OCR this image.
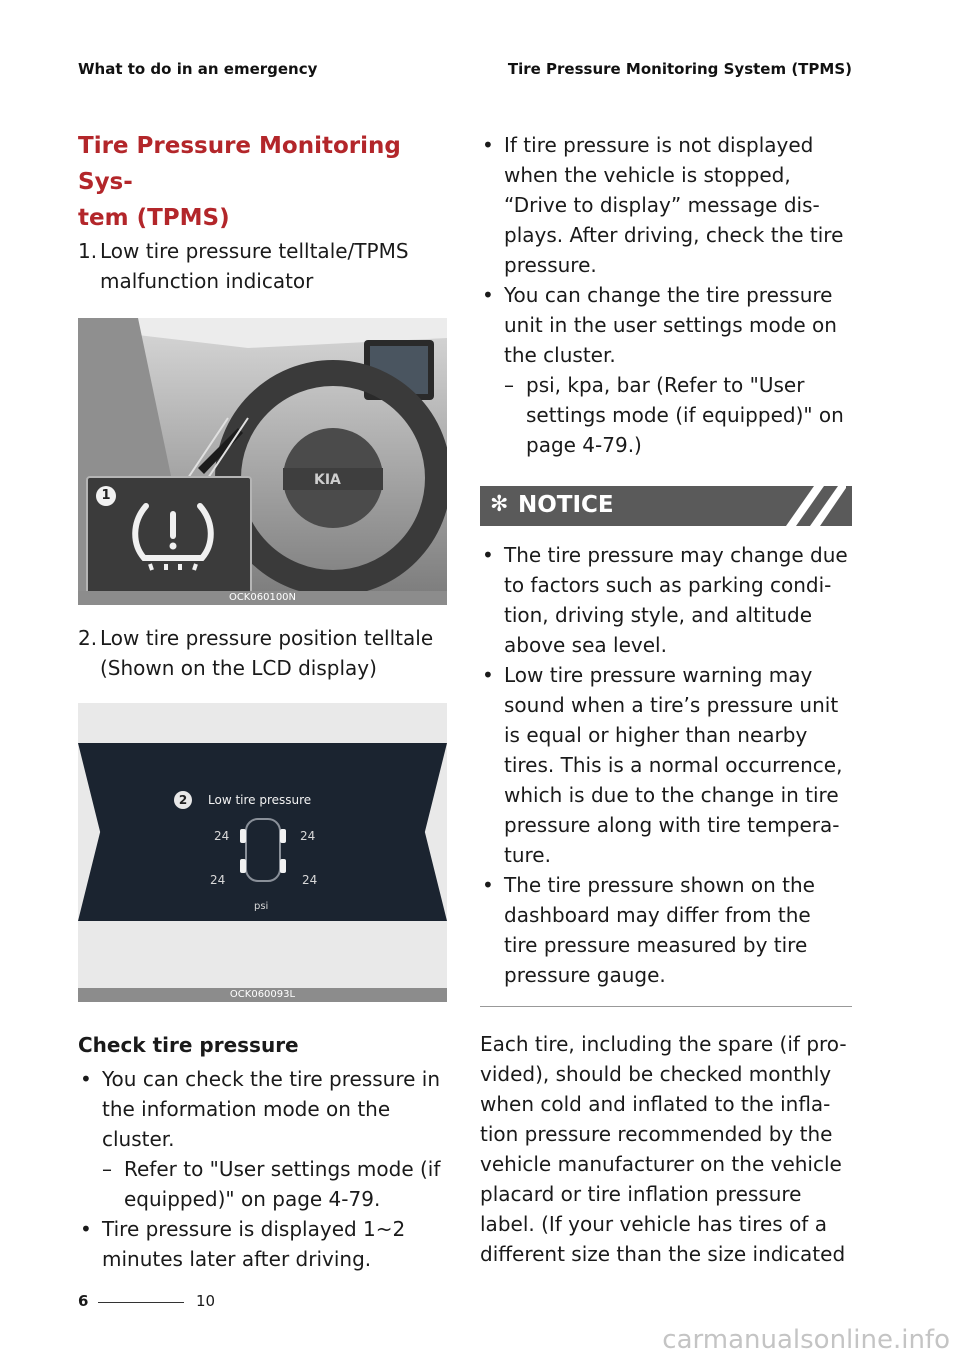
What to do in an emergency	Tire Pressure Monitoring System (TPMS)
Tire Pressure Monitoring Sys-
tem (TPMS)
1. Low tire pressure telltale/TPMS
malfunction indicator
KIA
1
OCK060100N
2. Low tire pressure position telltale
(Shown on the LCD display)
2	Low tire pressure
24	24
24	24
psi
OCK060093L
Check tire pressure
• You can check the tire pressure in
the information mode on the
cluster.
– Refer to "User settings mode (if
equipped)" on page 4-79.
• Tire pressure is displayed 1~2
minutes later after driving.
• If tire pressure is not displayed
when the vehicle is stopped,
“Drive to display” message dis-
plays. After driving, check the tire
pressure.
• You can change the tire pressure
unit in the user settings mode on
the cluster.
– psi, kpa, bar (Refer to "User
settings mode (if equipped)" on
page 4-79.)
✻ NOTICE
• The tire pressure may change due
to factors such as parking condi-
tion, driving style, and altitude
above sea level.
• Low tire pressure warning may
sound when a tire’s pressure unit
is equal or higher than nearby
tires. This is a normal occurrence,
which is due to the change in tire
pressure along with tire tempera-
ture.
• The tire pressure shown on the
dashboard may differ from the
tire pressure measured by tire
pressure gauge.
Each tire, including the spare (if pro-
vided), should be checked monthly
when cold and inflated to the infla-
tion pressure recommended by the
vehicle manufacturer on the vehicle
placard or tire inflation pressure
label. (If your vehicle has tires of a
different size than the size indicated
6	10
carmanualsonline.info
